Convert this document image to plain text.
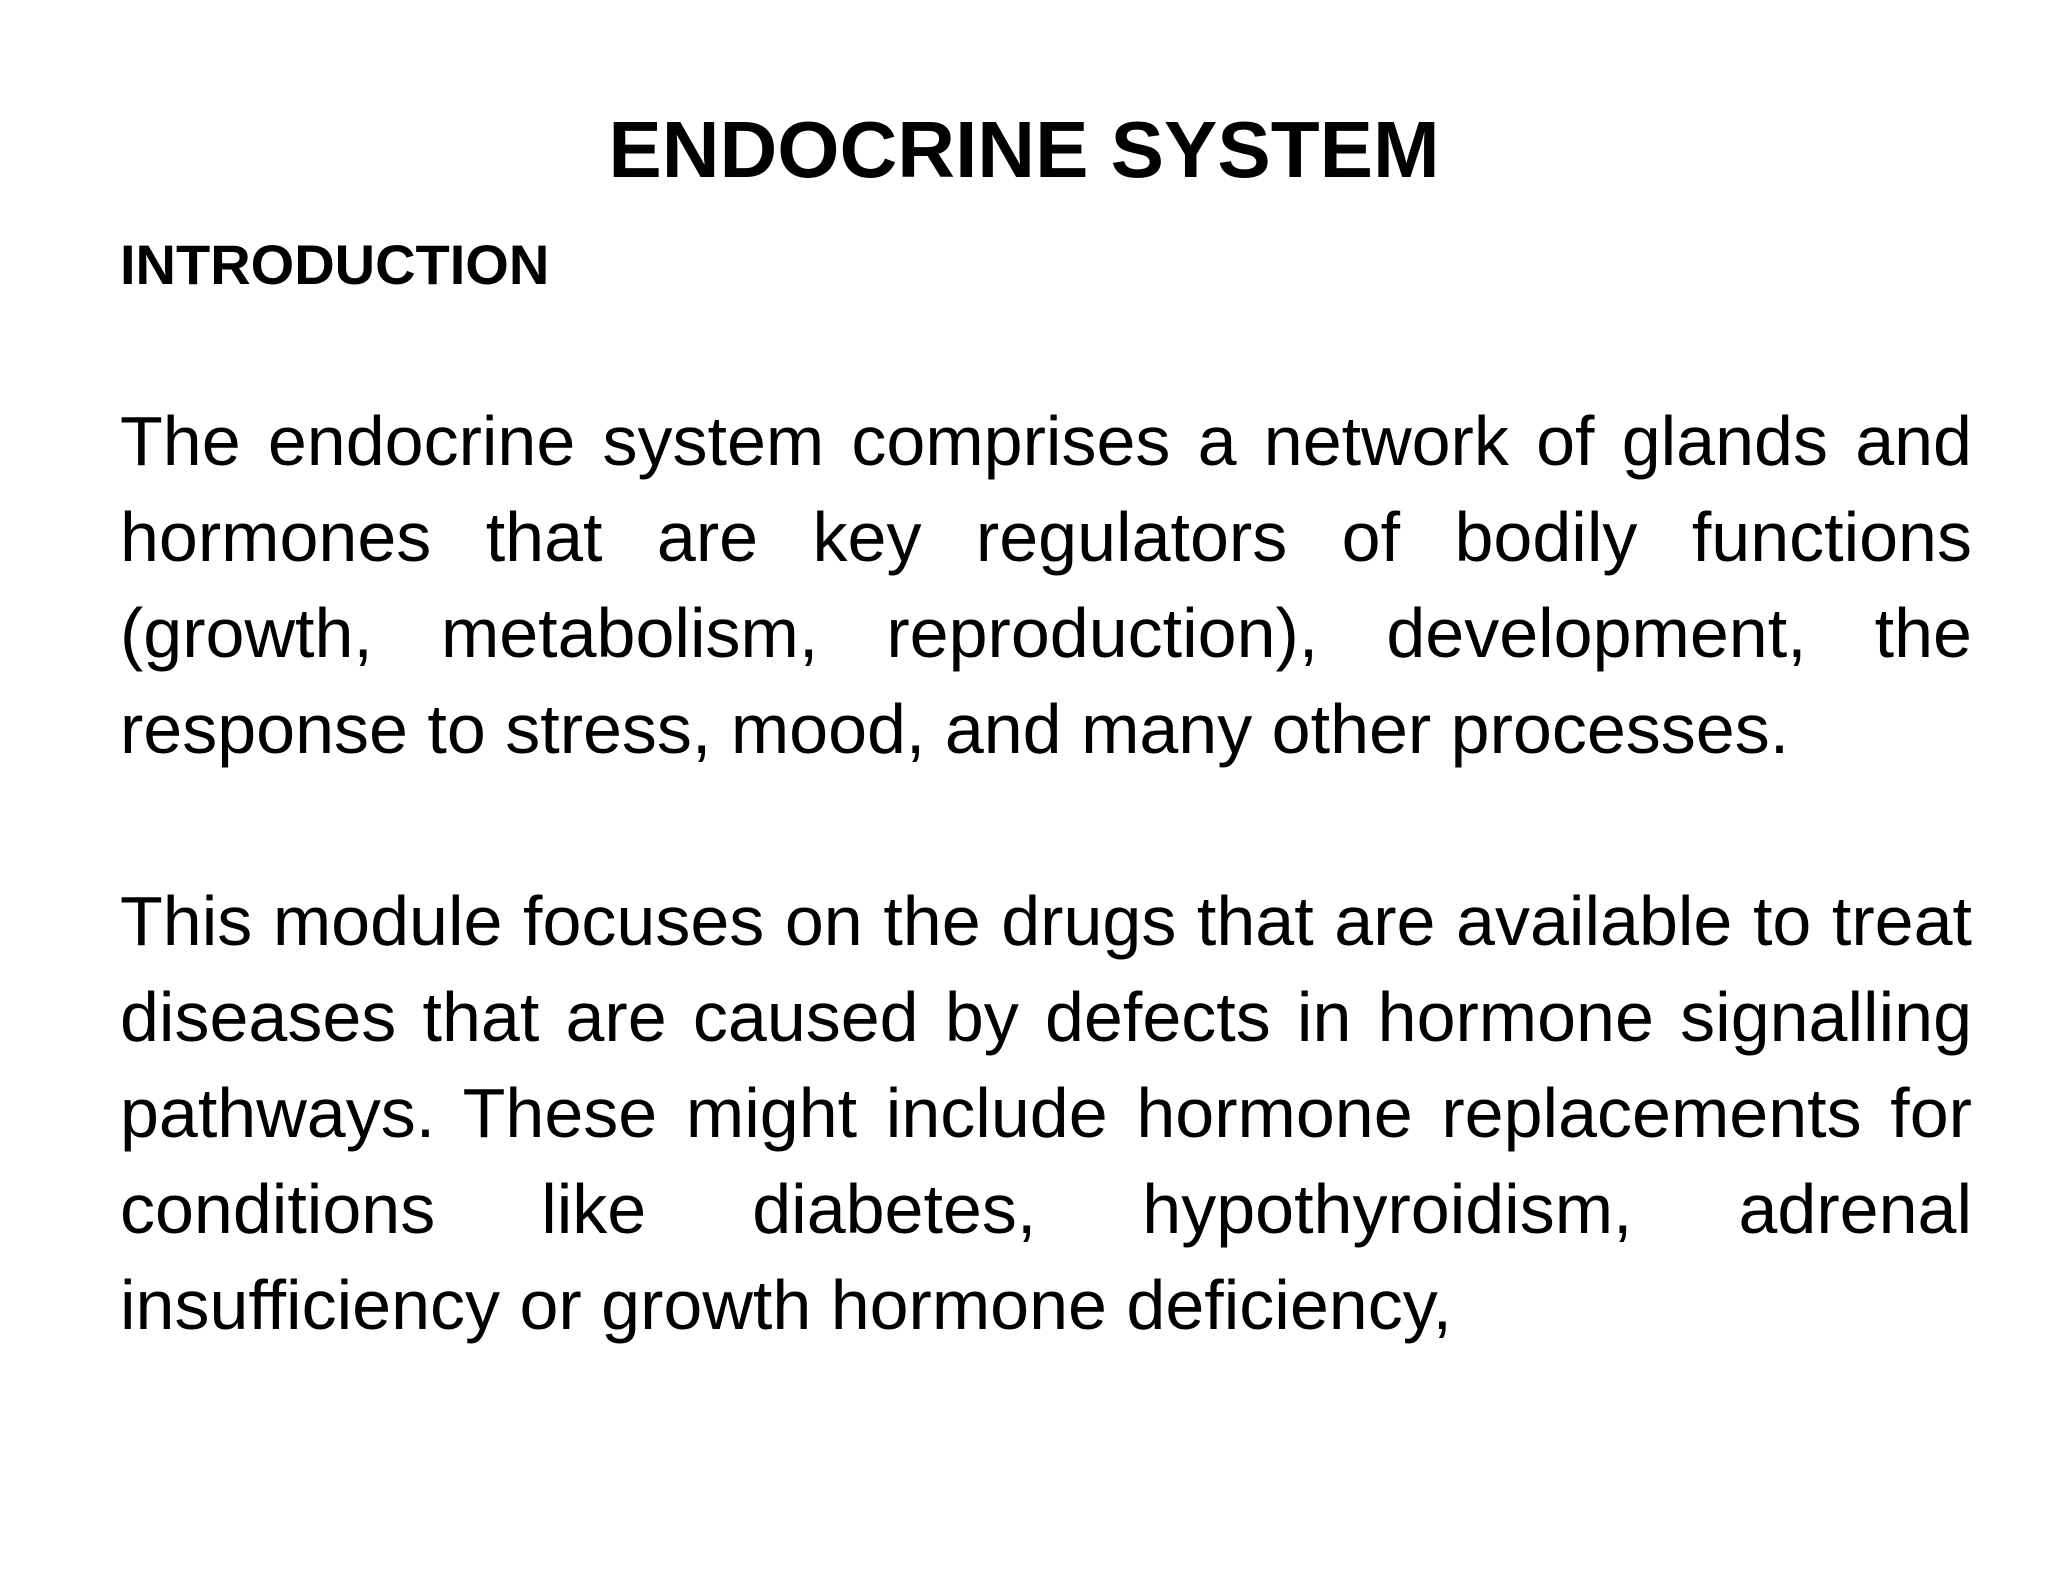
ENDOCRINE SYSTEM
INTRODUCTION

The endocrine system comprises a network of glands and hormones that are key regulators of bodily functions (growth, metabolism, reproduction), development, the response to stress, mood, and many other processes.

This module focuses on the drugs that are available to treat diseases that are caused by defects in hormone signalling pathways. These might include hormone replacements for conditions like diabetes, hypothyroidism, adrenal insufficiency or growth hormone deficiency,
